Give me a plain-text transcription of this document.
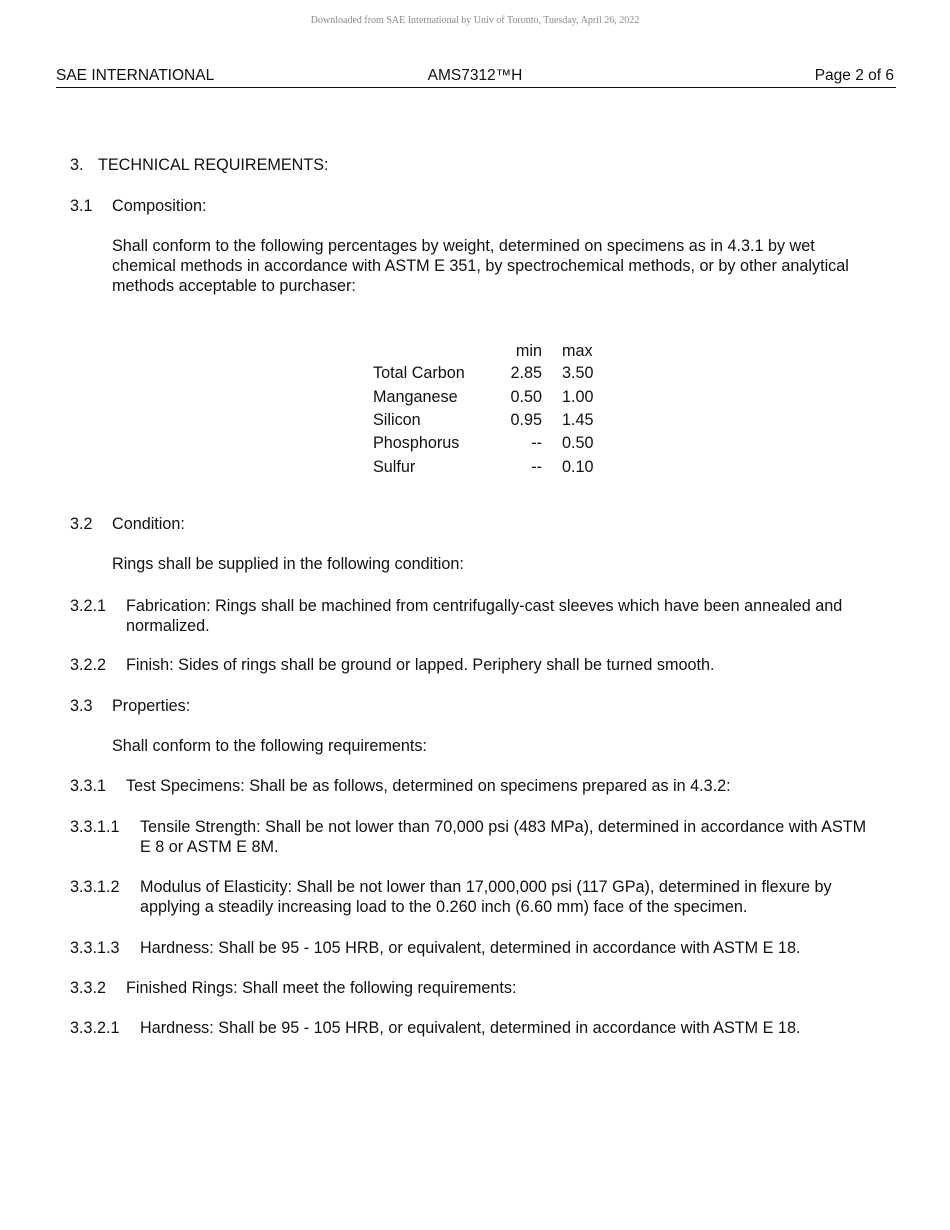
Downloaded from SAE International by Univ of Toronto, Tuesday, April 26, 2022
SAE INTERNATIONAL	AMS7312™H	Page 2 of 6
3. TECHNICAL REQUIREMENTS:
3.1 Composition:
Shall conform to the following percentages by weight, determined on specimens as in 4.3.1 by wet chemical methods in accordance with ASTM E 351, by spectrochemical methods, or by other analytical methods acceptable to purchaser:
	min	max
Total Carbon	2.85	3.50
Manganese	0.50	1.00
Silicon	0.95	1.45
Phosphorus	--	0.50
Sulfur	--	0.10
3.2 Condition:
Rings shall be supplied in the following condition:
3.2.1 Fabrication: Rings shall be machined from centrifugally-cast sleeves which have been annealed and normalized.
3.2.2 Finish: Sides of rings shall be ground or lapped. Periphery shall be turned smooth.
3.3 Properties:
Shall conform to the following requirements:
3.3.1 Test Specimens: Shall be as follows, determined on specimens prepared as in 4.3.2:
3.3.1.1 Tensile Strength: Shall be not lower than 70,000 psi (483 MPa), determined in accordance with ASTM E 8 or ASTM E 8M.
3.3.1.2 Modulus of Elasticity: Shall be not lower than 17,000,000 psi (117 GPa), determined in flexure by applying a steadily increasing load to the 0.260 inch (6.60 mm) face of the specimen.
3.3.1.3 Hardness: Shall be 95 - 105 HRB, or equivalent, determined in accordance with ASTM E 18.
3.3.2 Finished Rings: Shall meet the following requirements:
3.3.2.1 Hardness: Shall be 95 - 105 HRB, or equivalent, determined in accordance with ASTM E 18.
